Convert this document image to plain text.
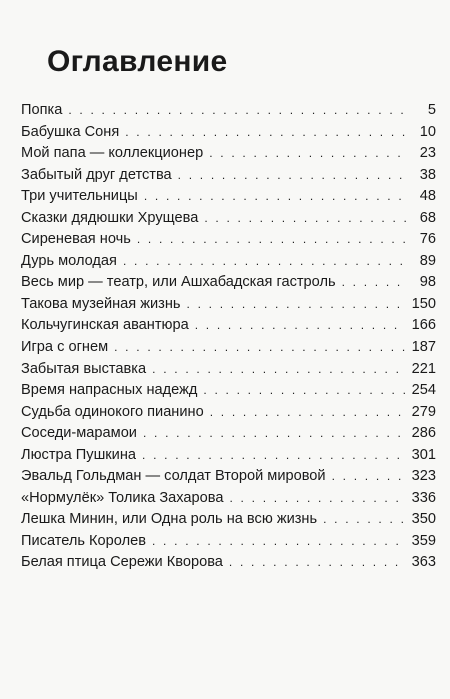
Оглавление
Попка . . .	5
Бабушка Соня . . .	10
Мой папа — коллекционер . . .	23
Забытый друг детства . . .	38
Три учительницы . . .	48
Сказки дядюшки Хрущева . . .	68
Сиреневая ночь . . .	76
Дурь молодая . . .	89
Весь мир — театр, или Ашхабадская гастроль . . .	98
Такова музейная жизнь . . .	150
Кольчугинская авантюра . . .	166
Игра с огнем . . .	187
Забытая выставка . . .	221
Время напрасных надежд . . .	254
Судьба одинокого пианино . . .	279
Соседи-марамои . . .	286
Люстра Пушкина . . .	301
Эвальд Гольдман — солдат Второй мировой . . .	323
«Нормулёк» Толика Захарова . . .	336
Лешка Минин, или Одна роль на всю жизнь . . .	350
Писатель Королев . . .	359
Белая птица Сережи Кворова . . .	363
